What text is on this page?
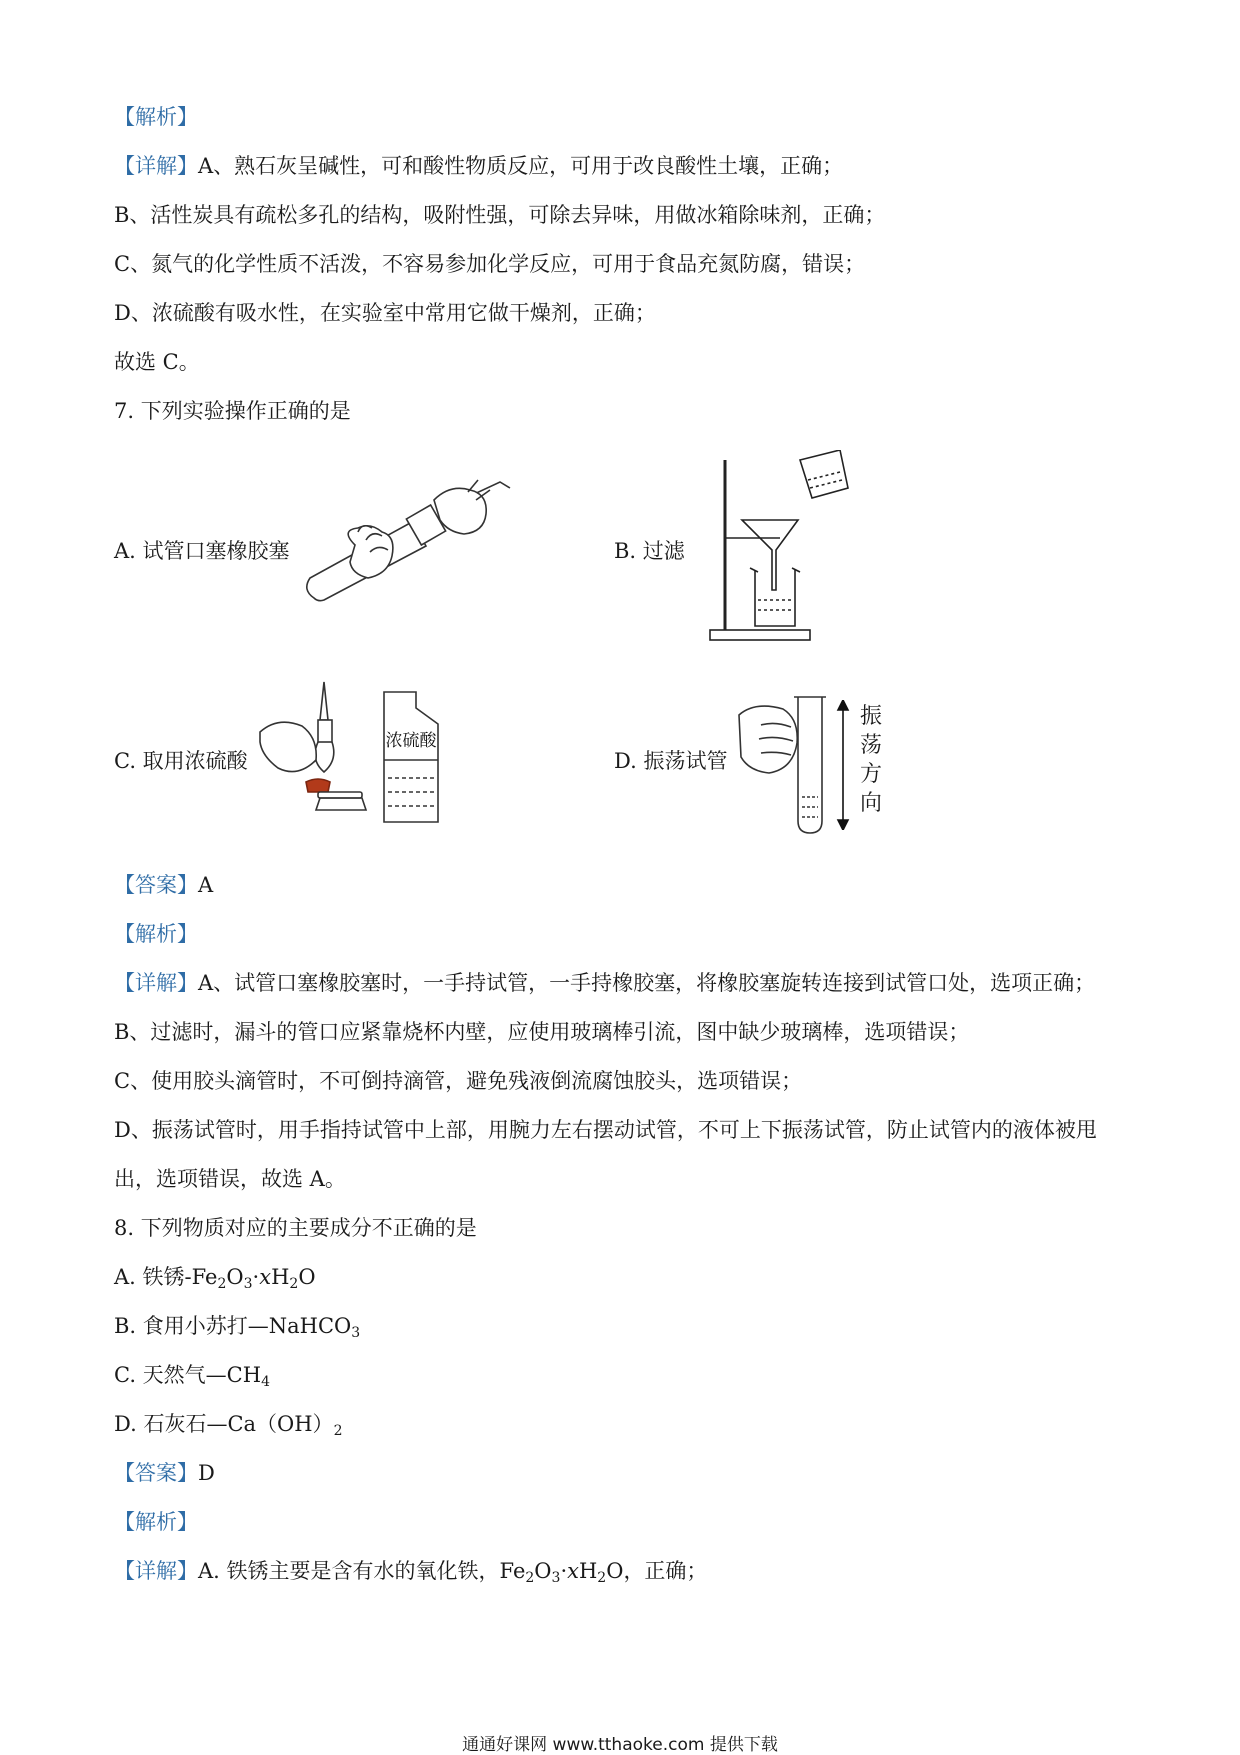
【解析】
【详解】A、熟石灰呈碱性，可和酸性物质反应，可用于改良酸性土壤，正确；
B、活性炭具有疏松多孔的结构，吸附性强，可除去异味，用做冰箱除味剂，正确；
C、氮气的化学性质不活泼，不容易参加化学反应，可用于食品充氮防腐，错误；
D、浓硫酸有吸水性，在实验室中常用它做干燥剂，正确；
故选 C。
7. 下列实验操作正确的是
A. 试管口塞橡胶塞	B. 过滤
C. 取用浓硫酸
浓硫酸
D. 振荡试管
振
荡
方
向
【答案】A
【解析】
【详解】A、试管口塞橡胶塞时，一手持试管，一手持橡胶塞，将橡胶塞旋转连接到试管口处，选项正确；
B、过滤时，漏斗的管口应紧靠烧杯内壁，应使用玻璃棒引流，图中缺少玻璃棒，选项错误；
C、使用胶头滴管时，不可倒持滴管，避免残液倒流腐蚀胶头，选项错误；
D、振荡试管时，用手指持试管中上部，用腕力左右摆动试管，不可上下振荡试管，防止试管内的液体被甩
出，选项错误，故选 A。
8. 下列物质对应的主要成分不正确的是
A. 铁锈$-Fe_2O_3\cdot xH_2O$
B. 食用小苏打—NaHCO$_3$
C. 天然气$—CH_4$
D. 石灰石$—Ca(OH)_2$
【答案】D
【解析】
【详解】A. 铁锈主要是含有水的氧化铁，$Fe_2O_3\cdot xH_2O$，正确；
通通好课网 www.tthaoke.com 提供下载
